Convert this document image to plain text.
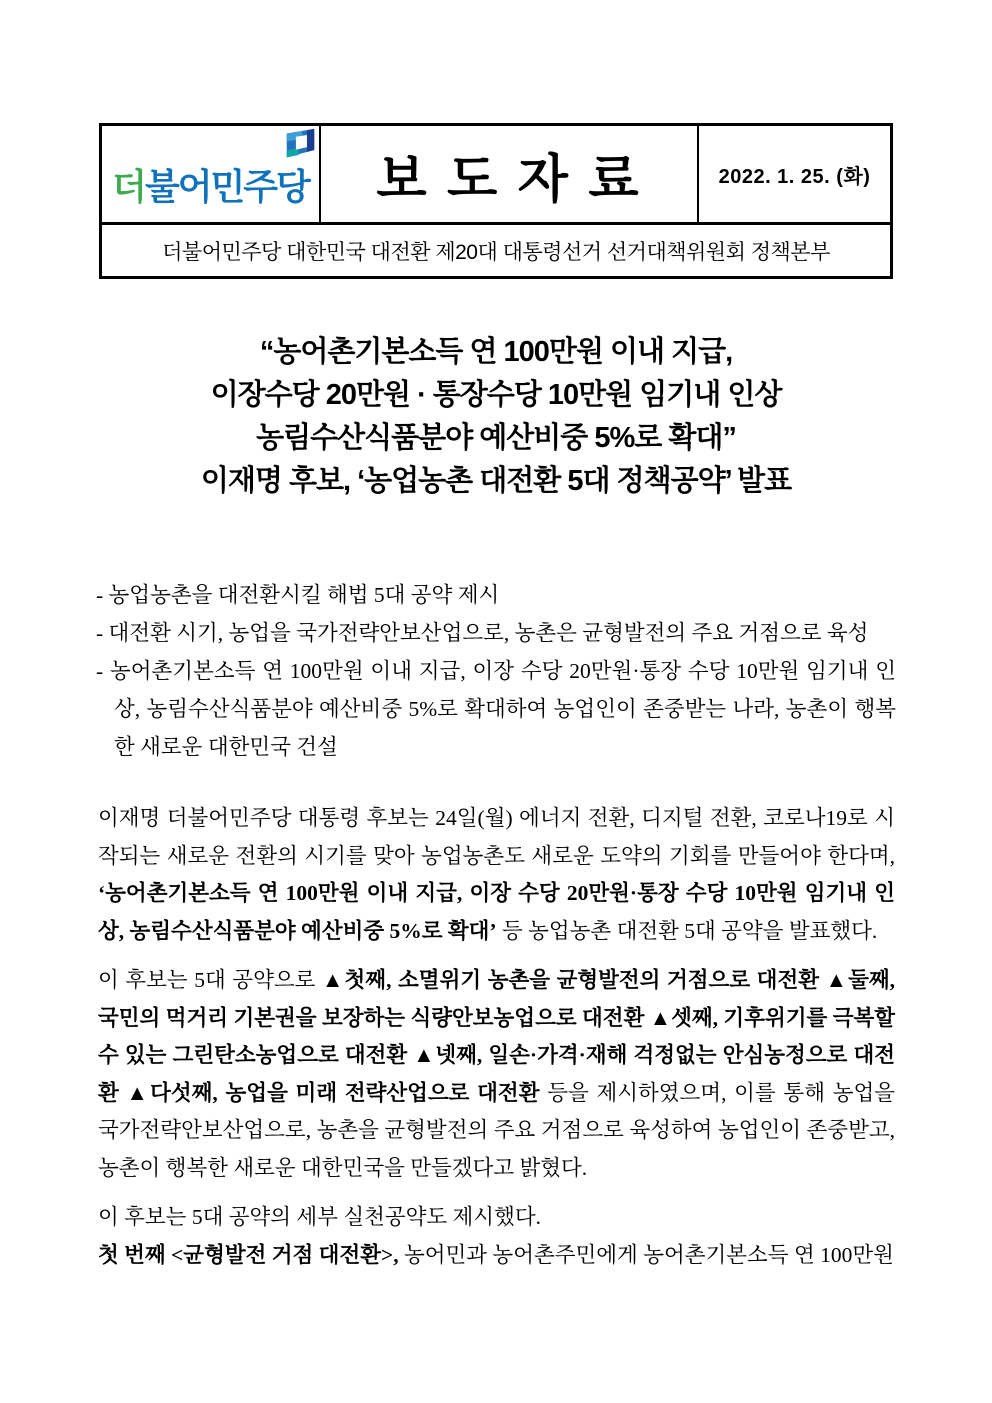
더불어민주당	보 도 자 료	2022. 1. 25. (화)
더불어민주당 대한민국 대전환 제20대 대통령선거 선거대책위원회 정책본부
“농어촌기본소득 연 100만원 이내 지급,
이장수당 20만원 · 통장수당 10만원 임기내 인상
농림수산식품분야 예산비중 5%로 확대”
이재명 후보, ‘농업농촌 대전환 5대 정책공약’ 발표

- 농업농촌을 대전환시킬 해법 5대 공약 제시

- 대전환 시기, 농업을 국가전략안보산업으로, 농촌은 균형발전의 주요 거점으로 육성

- 농어촌기본소득 연 100만원 이내 지급, 이장 수당 20만원·통장 수당 10만원 임기내 인상, 농림수산식품분야 예산비중 5%로 확대하여 농업인이 존중받는 나라, 농촌이 행복한 새로운 대한민국 건설

이재명 더불어민주당 대통령 후보는 24일(월) 에너지 전환, 디지털 전환, 코로나19로 시작되는 새로운 전환의 시기를 맞아 농업농촌도 새로운 도약의 기회를 만들어야 한다며, ‘농어촌기본소득 연 100만원 이내 지급, 이장 수당 20만원·통장 수당 10만원 임기내 인상, 농림수산식품분야 예산비중 5%로 확대’ 등 농업농촌 대전환 5대 공약을 발표했다.

이 후보는 5대 공약으로 ▲첫째, 소멸위기 농촌을 균형발전의 거점으로 대전환 ▲둘째, 국민의 먹거리 기본권을 보장하는 식량안보농업으로 대전환 ▲셋째, 기후위기를 극복할 수 있는 그린탄소농업으로 대전환 ▲넷째, 일손·가격·재해 걱정없는 안심농정으로 대전환 ▲다섯째, 농업을 미래 전략산업으로 대전환 등을 제시하였으며, 이를 통해 농업을 국가전략안보산업으로, 농촌을 균형발전의 주요 거점으로 육성하여 농업인이 존중받고, 농촌이 행복한 새로운 대한민국을 만들겠다고 밝혔다.

이 후보는 5대 공약의 세부 실천공약도 제시했다.

첫 번째 <균형발전 거점 대전환>, 농어민과 농어촌주민에게 농어촌기본소득 연 100만원
